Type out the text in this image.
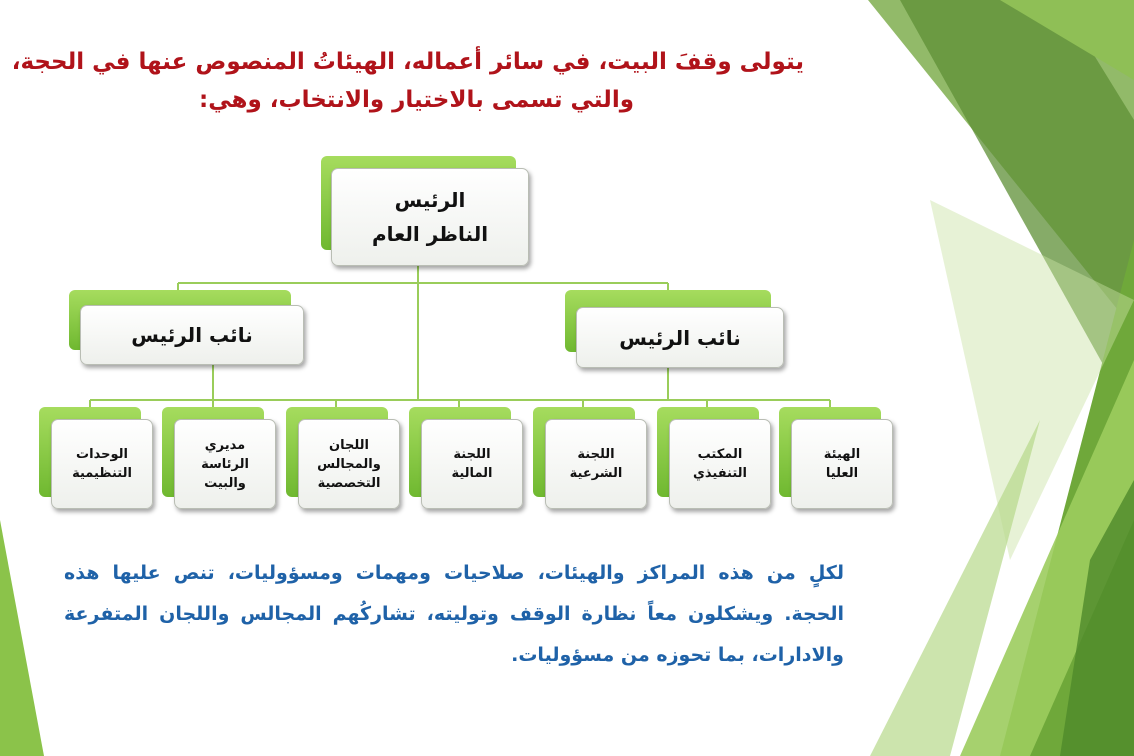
يتولى وقفَ البيت، في سائر أعماله، الهيئاتُ المنصوص عنها في الحجة،
والتي تسمى بالاختيار والانتخاب، وهي:
الرئيس
الناظر العام
نائب الرئيس	نائب الرئيس
الوحدات التنظيمية
مديري الرئاسة والبيت
اللجان والمجالس التخصصية
اللجنة المالية
اللجنة الشرعية
المكتب التنفيذي
الهيئة العليا
لكلٍ من هذه المراكز والهيئات، صلاحيات ومهمات ومسؤوليات، تنص عليها هذه الحجة. ويشكلون معاً نظارة الوقف وتوليته، تشاركُهم المجالس واللجان المتفرعة والادارات، بما تحوزه من مسؤوليات.
